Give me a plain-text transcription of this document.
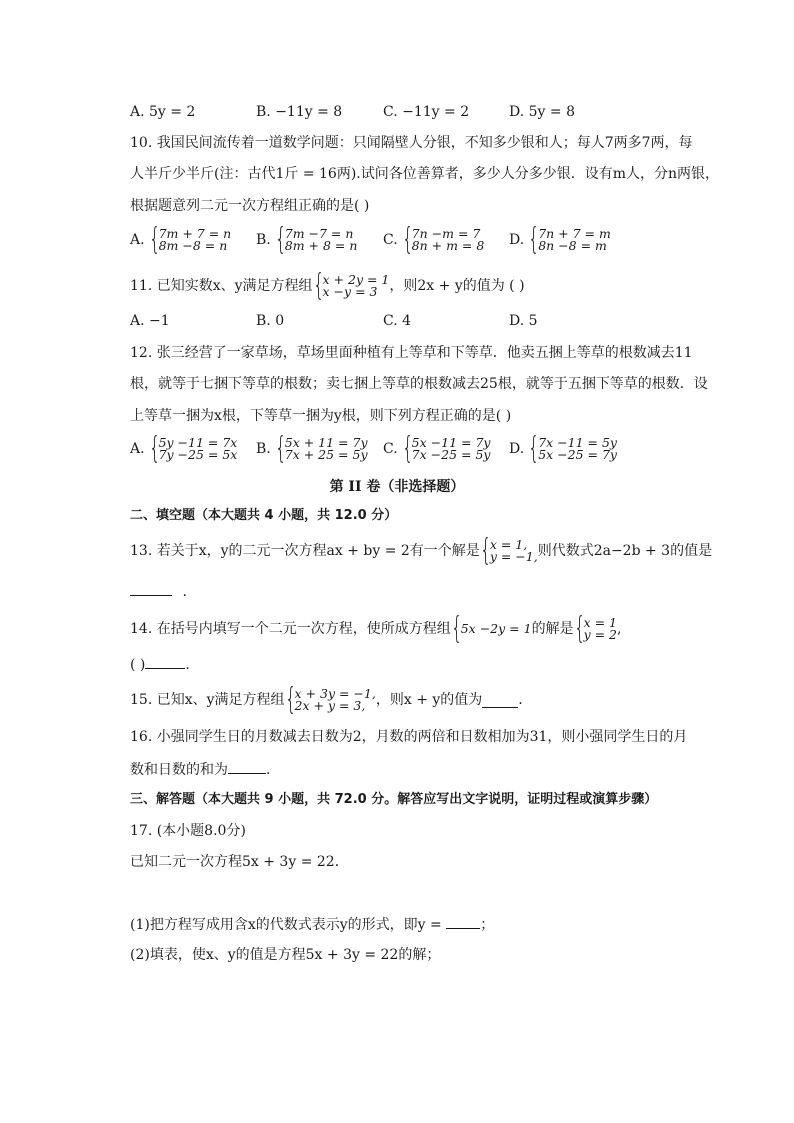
A. 5y = 2	B. −11y = 8	C. −11y = 2	D. 5y = 8
10. 我国民间流传着一道数学问题：只闻隔壁人分银，不知多少银和人；每人7两多7两，每
人半斤少半斤(注：古代1斤 = 16两).试问各位善算者，多少人分多少银．设有m人，分n两银，
根据题意列二元一次方程组正确的是( )
A. {
7m + 7 = n
8m −8 = n B. {
7m −7 = n
8m + 8 = n C. {
7n −m = 7
8n + m = 8 D. {
7n + 7 = m
8n −8 = m
11. 已知实数x、y满足方程组 {
x + 2y = 1
x −y = 3 ，则2x + y的值为 ( )
A. −1	B. 0	C. 4	D. 5
12. 张三经营了一家草场，草场里面种植有上等草和下等草．他卖五捆上等草的根数减去11
根，就等于七捆下等草的根数；卖七捆上等草的根数减去25根，就等于五捆下等草的根数．设
上等草一捆为x根，下等草一捆为y根，则下列方程正确的是( )
A. {
5y −11 = 7x
7y −25 = 5x B. {
5x + 11 = 7y
7x + 25 = 5y C. {
5x −11 = 7y
7x −25 = 5y D. {
7x −11 = 5y
5x −25 = 7y
第 II 卷（非选择题）
二、填空题（本大题共 4 小题，共 12.0 分）
13. 若关于x，y的二元一次方程ax + by = 2有一个解是 {
x = 1,
y = −1, 则代数式2a−2b + 3的值是
.
14. 在括号内填写一个二元一次方程，使所成方程组 {
5x −2y = 1 的解是 {
x = 1
y = 2 ,
( )	.
15. 已知x、y满足方程组 {
x + 3y = −1,
2x + y = 3, ，则x + y的值为	.
16. 小强同学生日的月数减去日数为2，月数的两倍和日数相加为31，则小强同学生日的月
数和日数的和为	.
三、解答题（本大题共 9 小题，共 72.0 分。解答应写出文字说明，证明过程或演算步骤）
17. (本小题8.0分)
已知二元一次方程5x + 3y = 22．
(1)把方程写成用含x的代数式表示y的形式，即y = ；
(2)填表，使x、y的值是方程5x + 3y = 22的解；
